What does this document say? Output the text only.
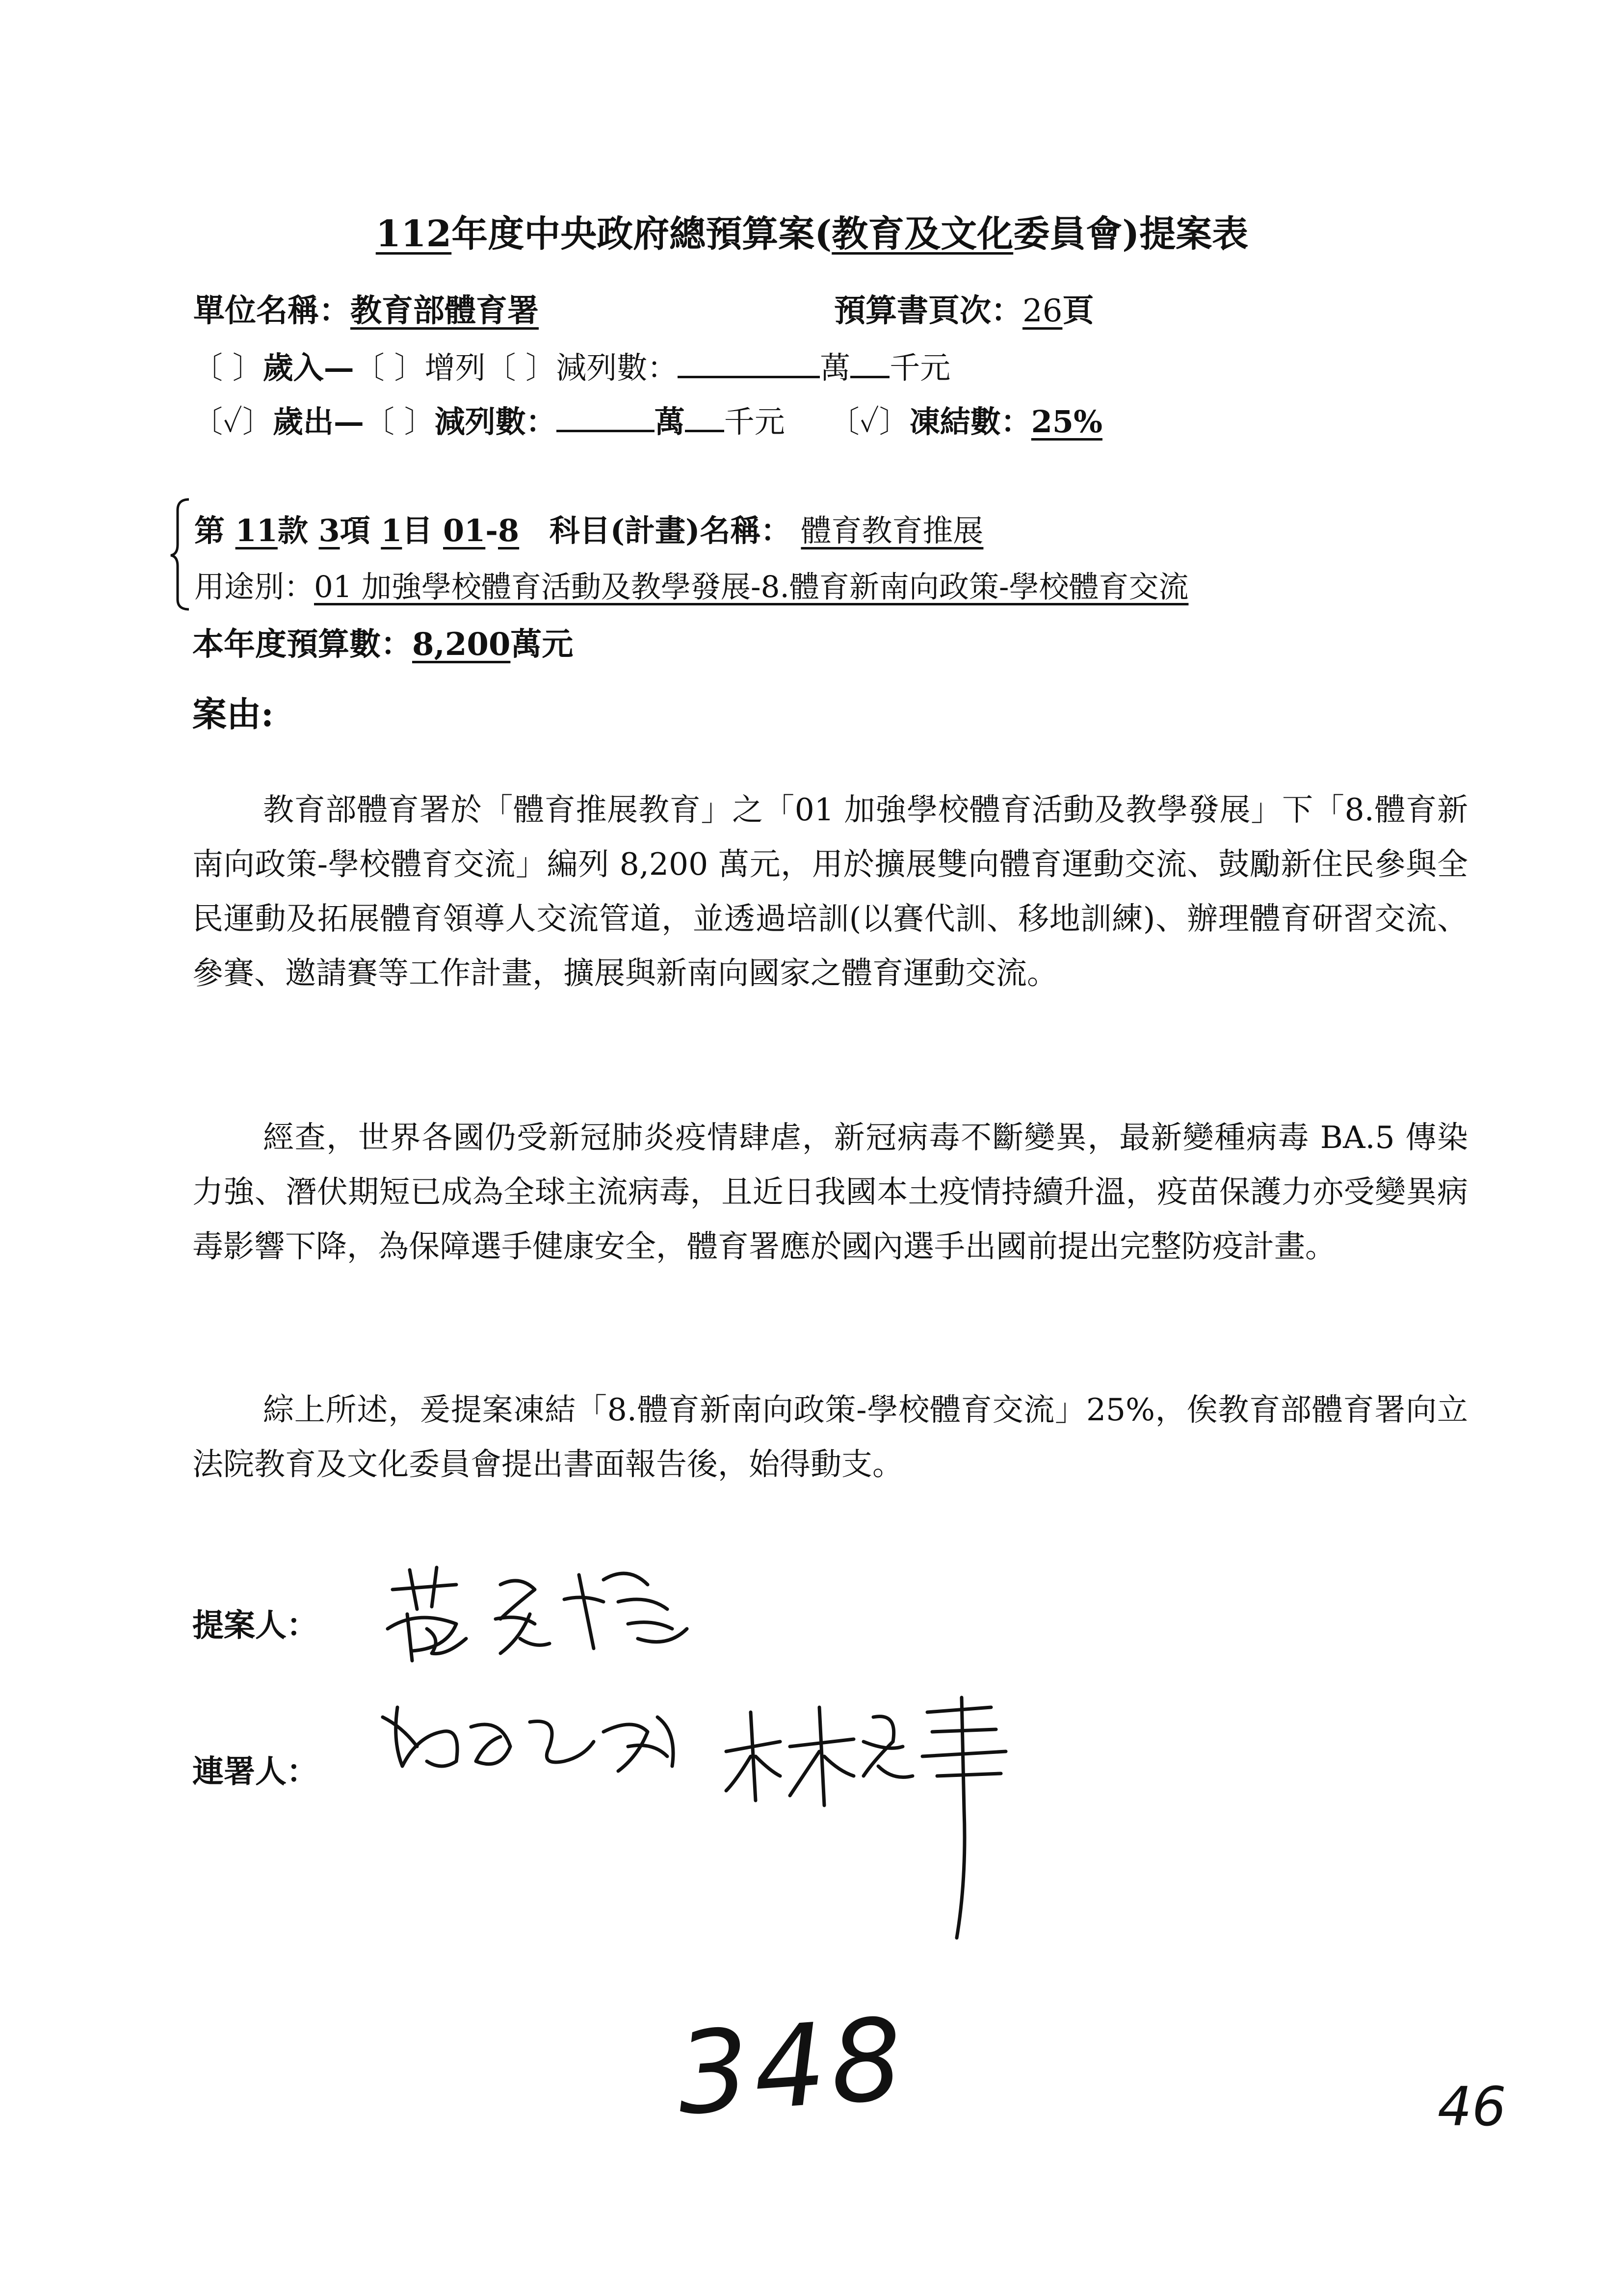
112年度中央政府總預算案(教育及文化委員會)提案表
單位名稱：教育部體育署	預算書頁次：26頁
〔 〕歲入—〔 〕增列〔 〕減列數：	萬 千元
〔✓〕歲出—〔 〕減列數：	萬 千元 〔✓〕凍結數：25%
第 11款 3項 1目 01-8 科目(計畫)名稱： 體育教育推展
用途別：01 加強學校體育活動及教學發展-8.體育新南向政策-學校體育交流
本年度預算數：8,200萬元
案由:
教育部體育署於「體育推展教育」之「01 加強學校體育活動及教學發展」下「8.體育新南向政策-學校體育交流」編列 8,200 萬元，用於擴展雙向體育運動交流、鼓勵新住民參與全民運動及拓展體育領導人交流管道，並透過培訓(以賽代訓、移地訓練)、辦理體育研習交流、參賽、邀請賽等工作計畫，擴展與新南向國家之體育運動交流。
經查，世界各國仍受新冠肺炎疫情肆虐，新冠病毒不斷變異，最新變種病毒 BA.5 傳染力強、潛伏期短已成為全球主流病毒，且近日我國本土疫情持續升溫，疫苗保護力亦受變異病毒影響下降，為保障選手健康安全，體育署應於國內選手出國前提出完整防疫計畫。
綜上所述，爰提案凍結「8.體育新南向政策-學校體育交流」25%，俟教育部體育署向立法院教育及文化委員會提出書面報告後，始得動支。
提案人：
連署人：
348	46
